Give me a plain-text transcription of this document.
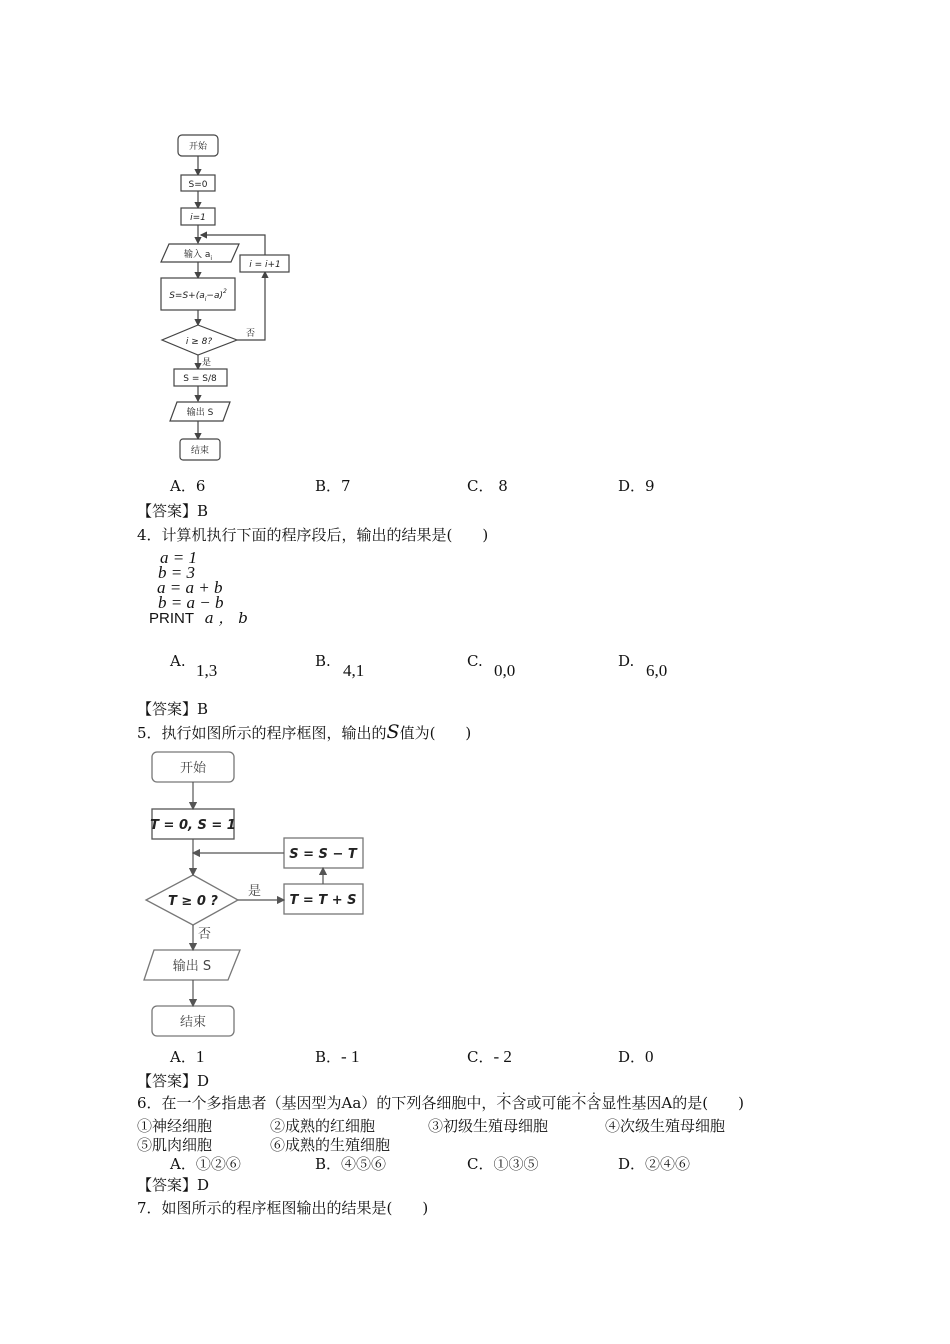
开始
S=0
i=1
输入 $a_i$
$S=S+(a_i-a)^2$
i ≥ 8?
否
是
S = S/8
输出 S
结束
i = i+1
A．6	B．7	C． 8	D．9
【答案】B
4．计算机执行下面的程序段后，输出的结果是(　　)
a = 1
b = 3
a = a + b
b = a − b
PRINT a ， b
A. 1,3	B. 4,1	C. 0,0	D. 6,0
【答案】B
5．执行如图所示的程序框图，输出的S值为(　　)
开始
T = 0, S = 1
T ≥ 0 ?
是
否
T = T + S
S = S − T
输出 S
结束
A．1	B．- 1	C．- 2	D．0
【答案】D
6．在一个多指患者（基因型为Aa）的下列各细胞中，不含或可能不含显性基因A的是(　　)
①神经细胞	②成熟的红细胞	③初级生殖母细胞	④次级生殖母细胞
⑤肌肉细胞	⑥成熟的生殖细胞
A．①②⑥	B．④⑤⑥	C．①③⑤	D．②④⑥
【答案】D
7．如图所示的程序框图输出的结果是(　　)
